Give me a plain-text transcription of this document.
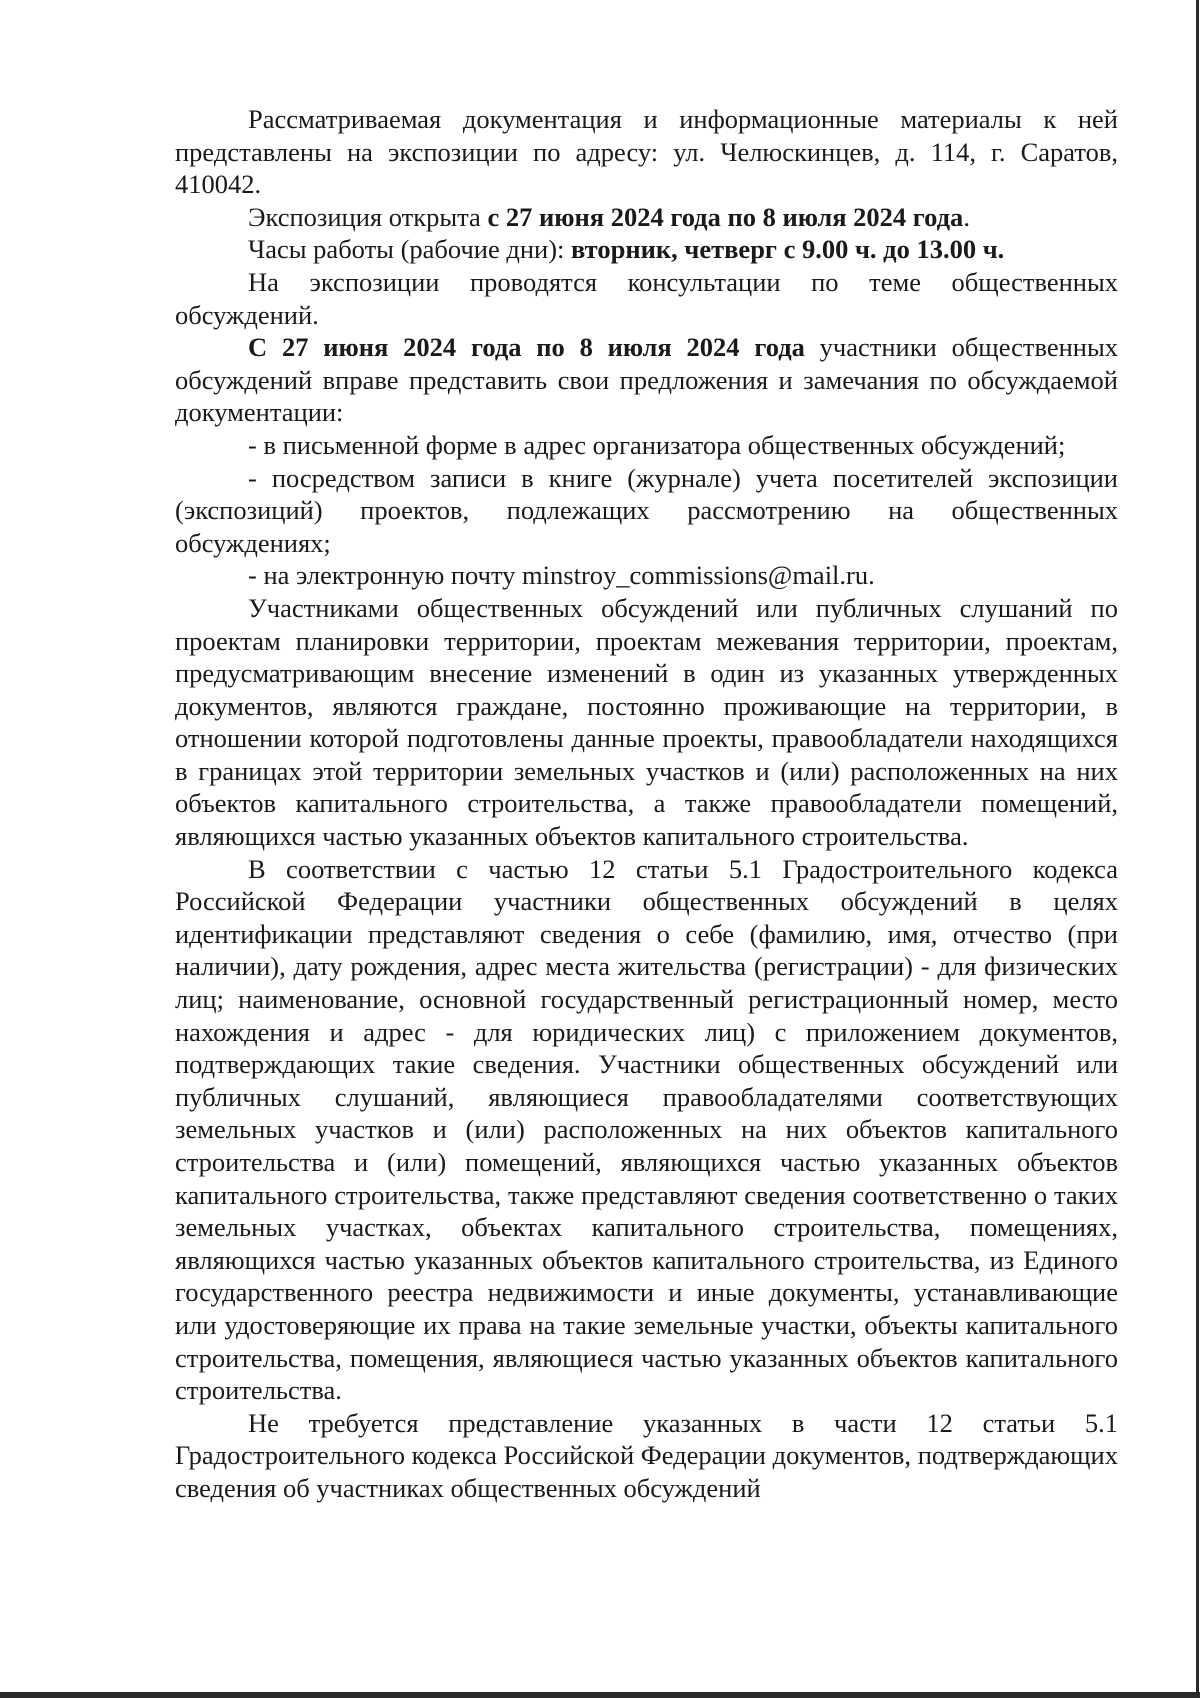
Рассматриваемая документация и информационные материалы к ней представлены на экспозиции по адресу: ул. Челюскинцев, д. 114, г. Саратов, 410042.

Экспозиция открыта с 27 июня 2024 года по 8 июля 2024 года.

Часы работы (рабочие дни): вторник, четверг с 9.00 ч. до 13.00 ч.

На экспозиции проводятся консультации по теме общественных обсуждений.

С 27 июня 2024 года по 8 июля 2024 года участники общественных обсуждений вправе представить свои предложения и замечания по обсуждаемой документации:

- в письменной форме в адрес организатора общественных обсуждений;

- посредством записи в книге (журнале) учета посетителей экспозиции (экспозиций) проектов, подлежащих рассмотрению на общественных обсуждениях;

- на электронную почту minstroy_commissions@mail.ru.

Участниками общественных обсуждений или публичных слушаний по проектам планировки территории, проектам межевания территории, проектам, предусматривающим внесение изменений в один из указанных утвержденных документов, являются граждане, постоянно проживающие на территории, в отношении которой подготовлены данные проекты, правообладатели находящихся в границах этой территории земельных участков и (или) расположенных на них объектов капитального строительства, а также правообладатели помещений, являющихся частью указанных объектов капитального строительства.

В соответствии с частью 12 статьи 5.1 Градостроительного кодекса Российской Федерации участники общественных обсуждений в целях идентификации представляют сведения о себе (фамилию, имя, отчество (при наличии), дату рождения, адрес места жительства (регистрации) - для физических лиц; наименование, основной государственный регистрационный номер, место нахождения и адрес - для юридических лиц) с приложением документов, подтверждающих такие сведения. Участники общественных обсуждений или публичных слушаний, являющиеся правообладателями соответствующих земельных участков и (или) расположенных на них объектов капитального строительства и (или) помещений, являющихся частью указанных объектов капитального строительства, также представляют сведения соответственно о таких земельных участках, объектах капитального строительства, помещениях, являющихся частью указанных объектов капитального строительства, из Единого государственного реестра недвижимости и иные документы, устанавливающие или удостоверяющие их права на такие земельные участки, объекты капитального строительства, помещения, являющиеся частью указанных объектов капитального строительства.

Не требуется представление указанных в части 12 статьи 5.1 Градостроительного кодекса Российской Федерации документов, подтверждающих сведения об участниках общественных обсуждений
